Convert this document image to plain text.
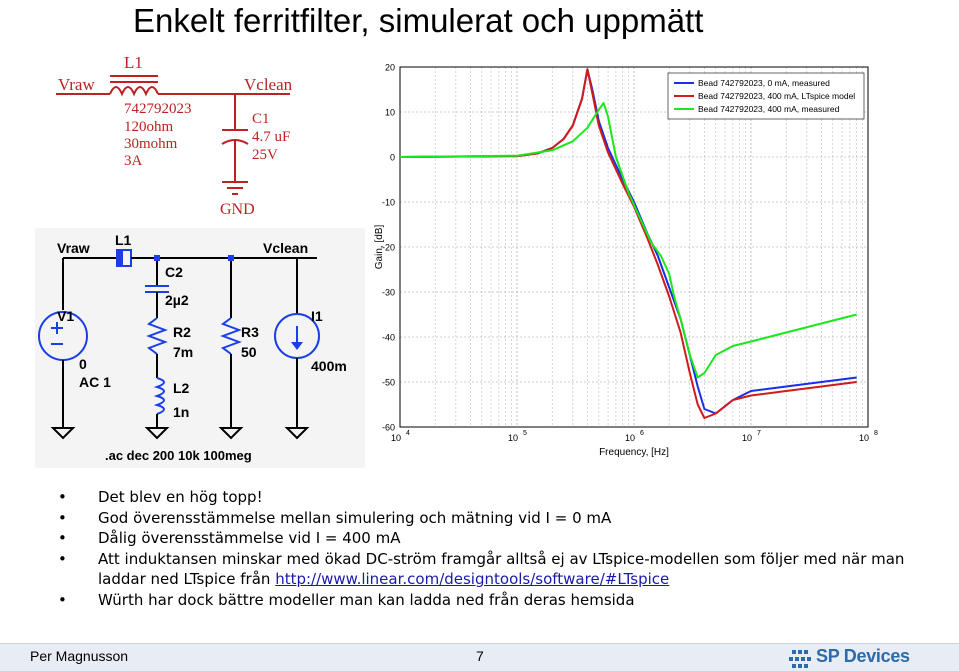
Enkelt ferritfilter, simulerat och uppmätt
Vraw
L1
Vclean
742792023
120ohm
30mohm
3A
C1
4.7 uF
25V
GND
Vraw L1	Vclean
C2
2µ2
V1
0
AC 1
R2
7m
R3
50
L2
1n
I1
400m
.ac dec 200 10k 100meg
20
10
0
-10
-20
-30
-40
-50
-60
10 4	10 5	10 6	10 7	10 8
Gain, [dB]
Frequency, [Hz]
Bead 742792023, 0 mA, measured
Bead 742792023, 400 mA, LTspice model
Bead 742792023, 400 mA, measured
• Det blev en hög topp!
• God överensstämmelse mellan simulering och mätning vid I = 0 mA
• Dålig överensstämmelse vid I = 400 mA
• Att induktansen minskar med ökad DC-ström framgår alltså ej av LTspice-modellen som följer med när man laddar ned LTspice från http://www.linear.com/designtools/software/#LTspice
• Würth har dock bättre modeller man kan ladda ned från deras hemsida
Per Magnusson	7	SP Devices
